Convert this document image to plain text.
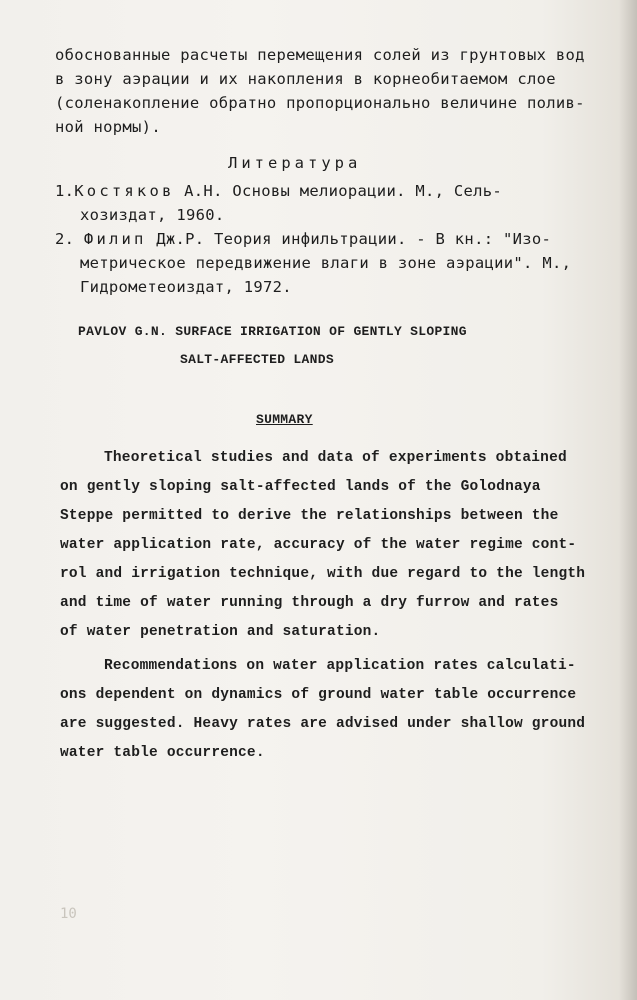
обоснованные расчеты перемещения солей из грунтовых вод
в зону аэрации и их накопления в корнеобитаемом слое
(соленакопление обратно пропорционально величине полив-
ной нормы).
Литература
1.Костяков А.Н. Основы мелиорации. М., Сель-
хозиздат, 1960.
2. Филип Дж.Р. Теория инфильтрации. - В кн.: "Изо-
метрическое передвижение влаги в зоне аэрации". М.,
Гидрометеоиздат, 1972.
PAVLOV G.N. SURFACE IRRIGATION OF GENTLY SLOPING
SALT-AFFECTED LANDS
SUMMARY
Theoretical studies and data of experiments obtained
on gently sloping salt-affected lands of the Golodnaya
Steppe permitted to derive the relationships between the
water application rate, accuracy of the water regime cont-
rol and irrigation technique, with due regard to the length
and time of water running through a dry furrow and rates
of water penetration and saturation.
Recommendations on water application rates calculati-
ons dependent on dynamics of ground water table occurrence
are suggested. Heavy rates are advised under shallow ground
water table occurrence.
10
